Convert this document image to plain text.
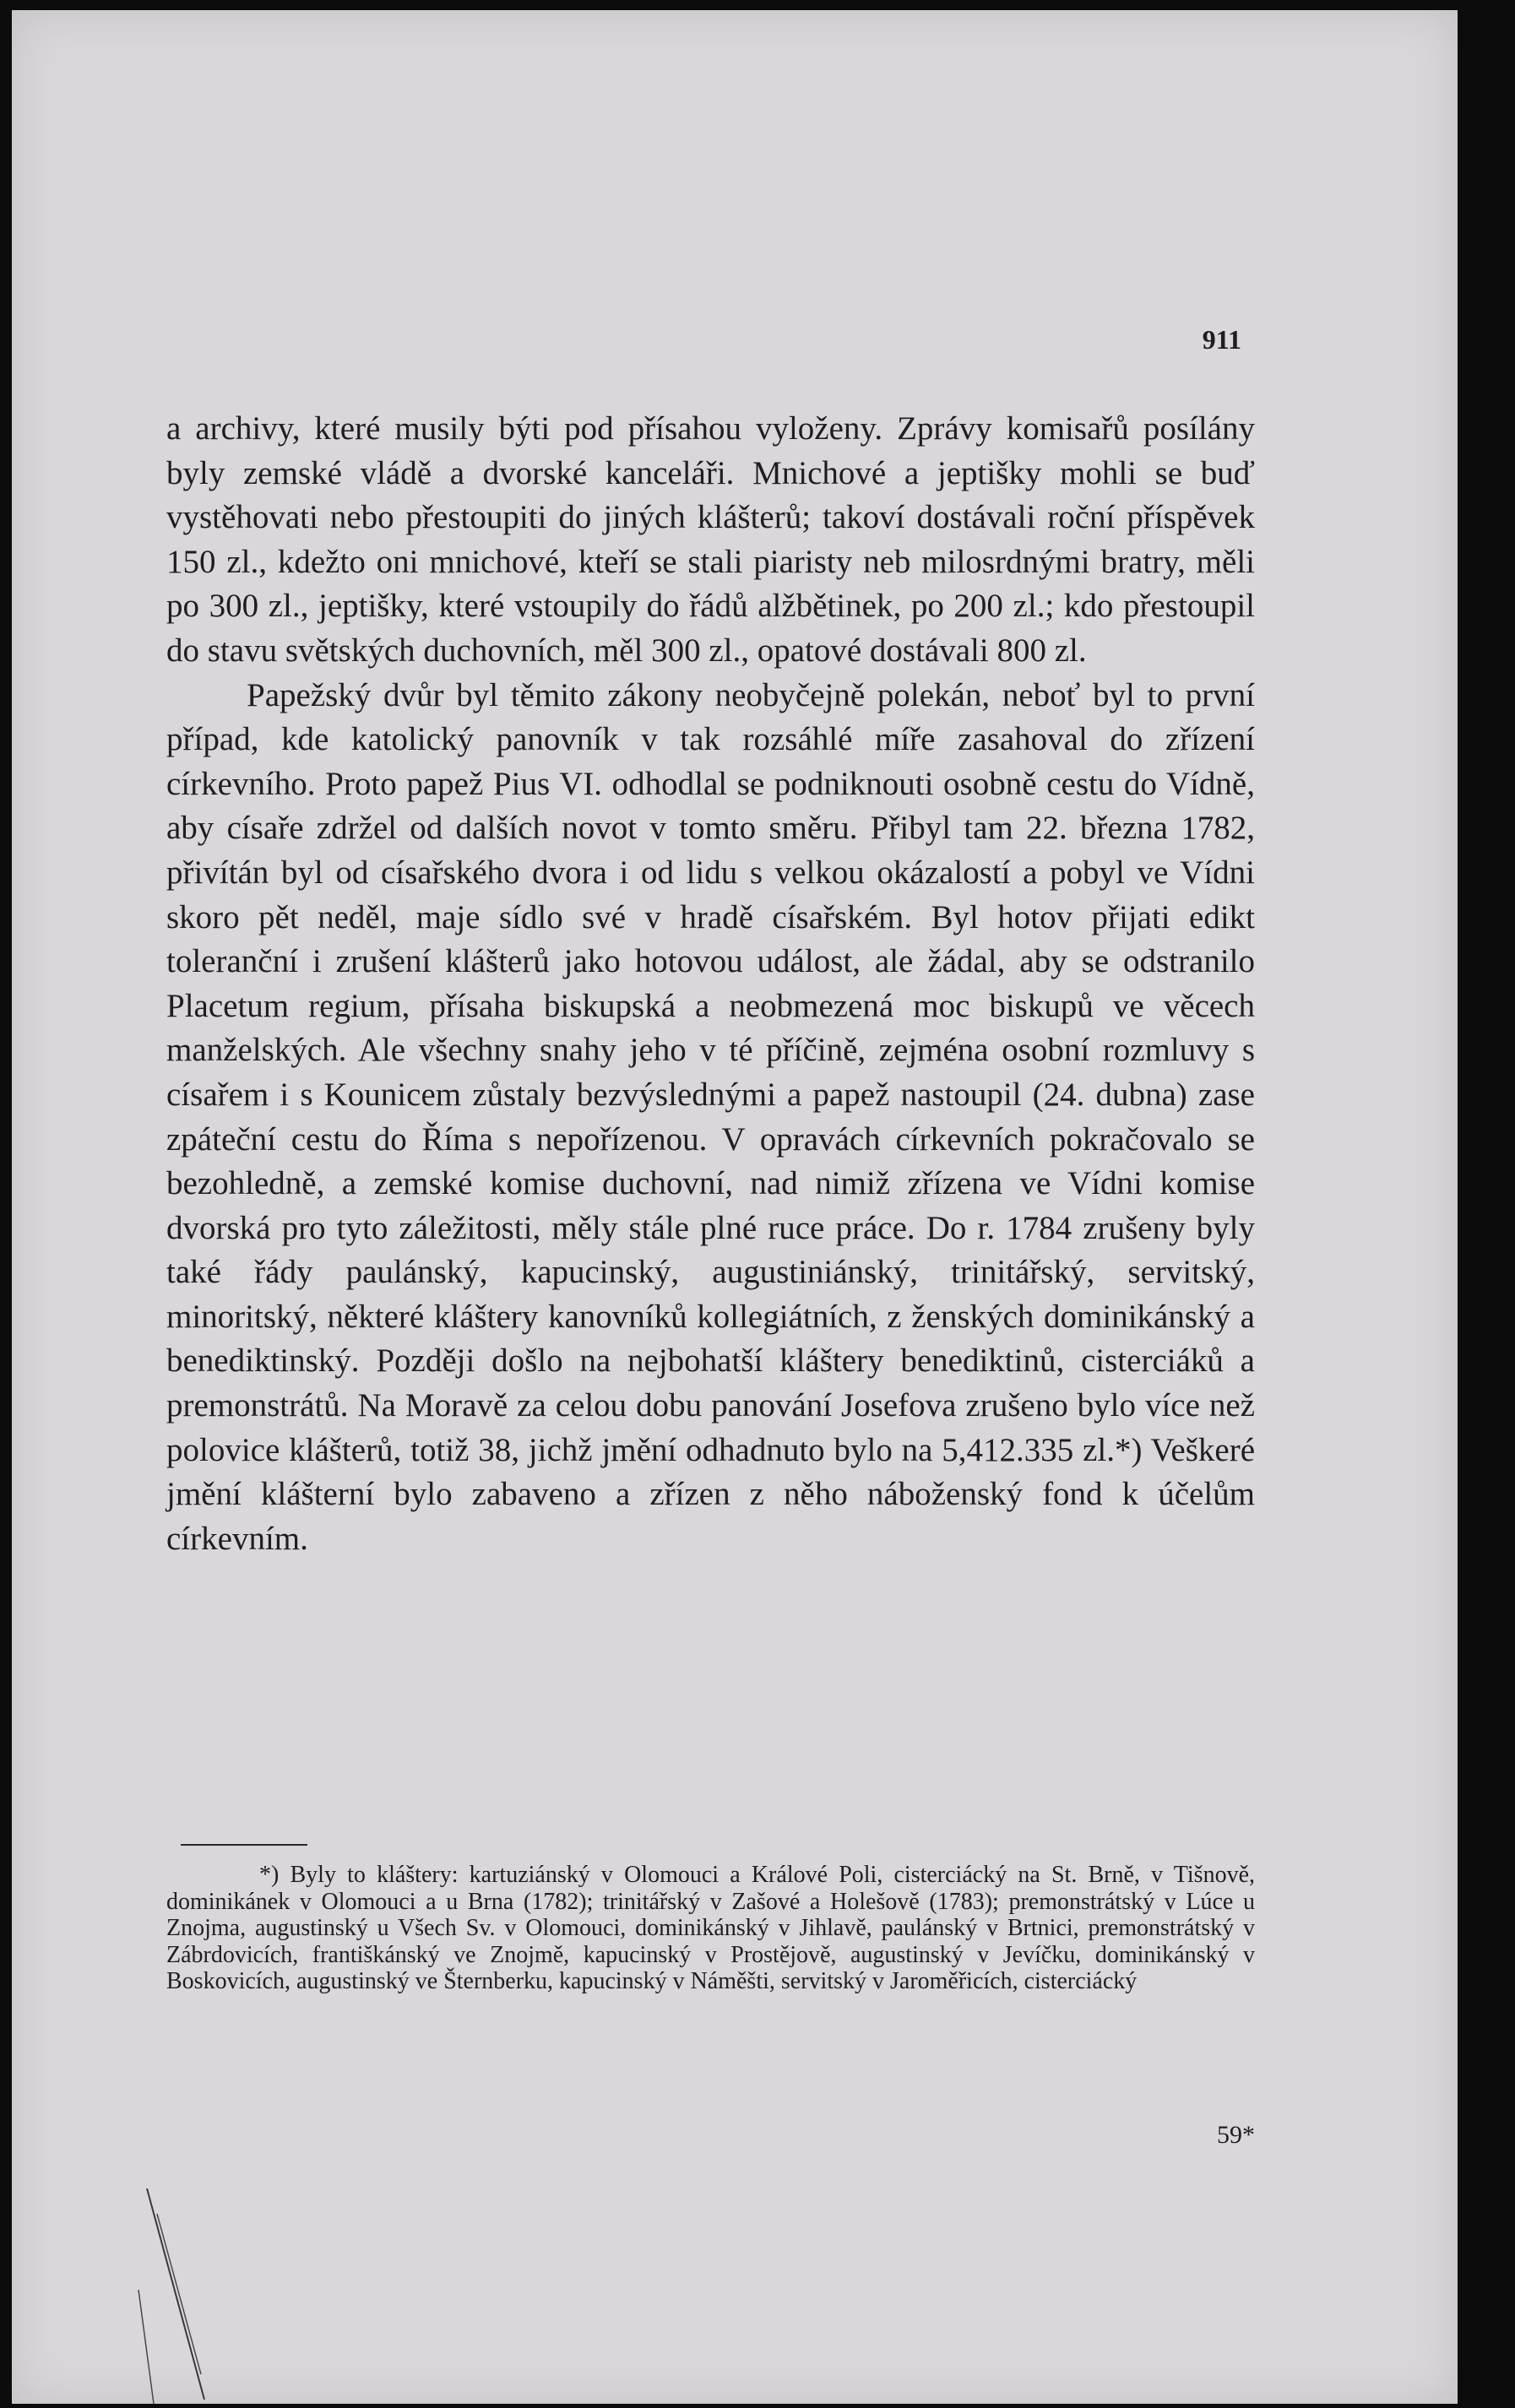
911

a archivy, které musily býti pod přísahou vyloženy. Zprávy komisařů posílány byly zemské vládě a dvorské kanceláři. Mnichové a jeptišky mohli se buď vystěhovati nebo přestoupiti do jiných klášterů; takoví dostávali roční příspěvek 150 zl., kdežto oni mnichové, kteří se stali piaristy neb milosrdnými bratry, měli po 300 zl., jeptišky, které vstoupily do řádů alžbětinek, po 200 zl.; kdo přestoupil do stavu světských duchovních, měl 300 zl., opatové dostávali 800 zl.

Papežský dvůr byl těmito zákony neobyčejně polekán, neboť byl to první případ, kde katolický panovník v tak rozsáhlé míře zasahoval do zřízení církevního. Proto papež Pius VI. odhodlal se podniknouti osobně cestu do Vídně, aby císaře zdržel od dalších novot v tomto směru. Přibyl tam 22. března 1782, přivítán byl od císařského dvora i od lidu s velkou okázalostí a pobyl ve Vídni skoro pět neděl, maje sídlo své v hradě císařském. Byl hotov přijati edikt toleranční i zrušení klášterů jako hotovou událost, ale žádal, aby se odstranilo Placetum regium, přísaha biskupská a neobmezená moc biskupů ve věcech manželských. Ale všechny snahy jeho v té příčině, zejména osobní rozmluvy s císařem i s Kounicem zůstaly bezvýslednými a papež nastoupil (24. dubna) zase zpáteční cestu do Říma s nepořízenou. V opravách církevních pokračovalo se bezohledně, a zemské komise duchovní, nad nimiž zřízena ve Vídni komise dvorská pro tyto záležitosti, měly stále plné ruce práce. Do r. 1784 zrušeny byly také řády paulánský, kapucinský, augustiniánský, trinitářský, servitský, minoritský, některé kláštery kanovníků kollegiátních, z ženských dominikánský a benediktinský. Později došlo na nejbohatší kláštery benediktinů, cisterciáků a premonstrátů. Na Moravě za celou dobu panování Josefova zrušeno bylo více než polovice klášterů, totiž 38, jichž jmění odhadnuto bylo na 5,412.335 zl.*) Veškeré jmění klášterní bylo zabaveno a zřízen z něho náboženský fond k účelům církevním.

*) Byly to kláštery: kartuziánský v Olomouci a Králové Poli, cisterciácký na St. Brně, v Tišnově, dominikánek v Olomouci a u Brna (1782); trinitářský v Zašové a Holešově (1783); premonstrátský v Lúce u Znojma, augustinský u Všech Sv. v Olomouci, dominikánský v Jihlavě, paulánský v Brtnici, premonstrátský v Zábrdovicích, františkánský ve Znojmě, kapucinský v Prostějově, augustinský v Jevíčku, dominikánský v Boskovicích, augustinský ve Šternberku, kapucinský v Náměšti, servitský v Jaroměřicích, cisterciácký

59*
